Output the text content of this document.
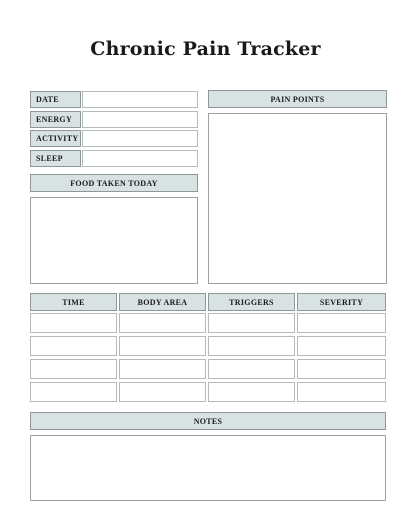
Chronic Pain Tracker
DATE
ENERGY
ACTIVITY
SLEEP
FOOD TAKEN TODAY
PAIN POINTS
TIME	BODY AREA	TRIGGERS	SEVERITY
NOTES
